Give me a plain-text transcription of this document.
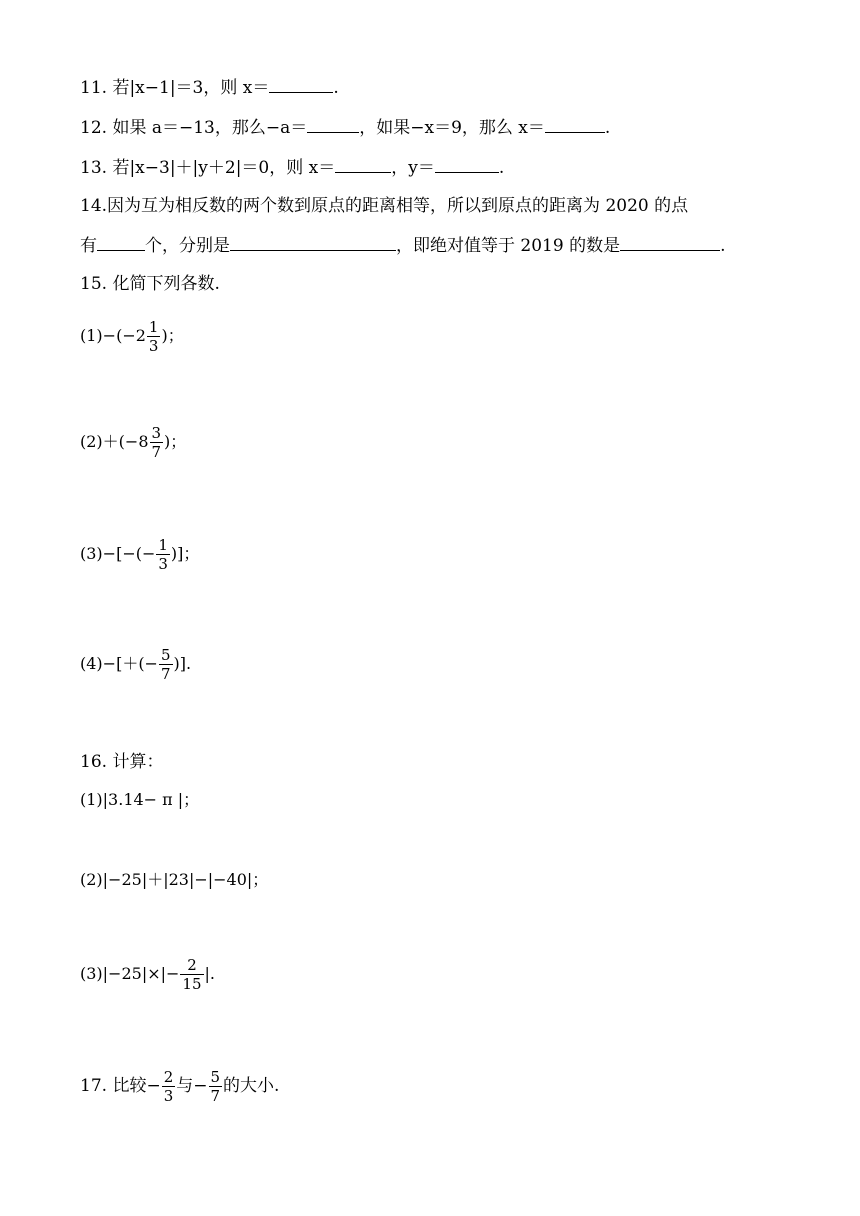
11. 若|x−1|＝3，则 x＝	.
12. 如果 a＝−13，那么−a＝	，如果−x＝9，那么 x＝	.
13. 若|x−3|＋|y＋2|＝0，则 x＝	，y＝	.
14.因为互为相反数的两个数到原点的距离相等，所以到原点的距离为 2020 的点
有	个，分别是	，即绝对值等于 2019 的数是	.
15. 化简下列各数.
$(1)-(-2 \frac{1}{3}$ )；
$(2)+(-8 \frac{3}{7}$ )；
$(3)-[-(- \frac{1}{3}$ )]；
$(4)-[+(- \frac{5}{7}$ )].
16. 计算：
(1)|3.14− π |；
(2)|−25|＋|23|−|−40|；
$(3)|-25|\times|- \frac{2}{15}$ |.
17. 比较− $\frac{2}{3}$ 与− $\frac{5}{7}$ 的大小.
